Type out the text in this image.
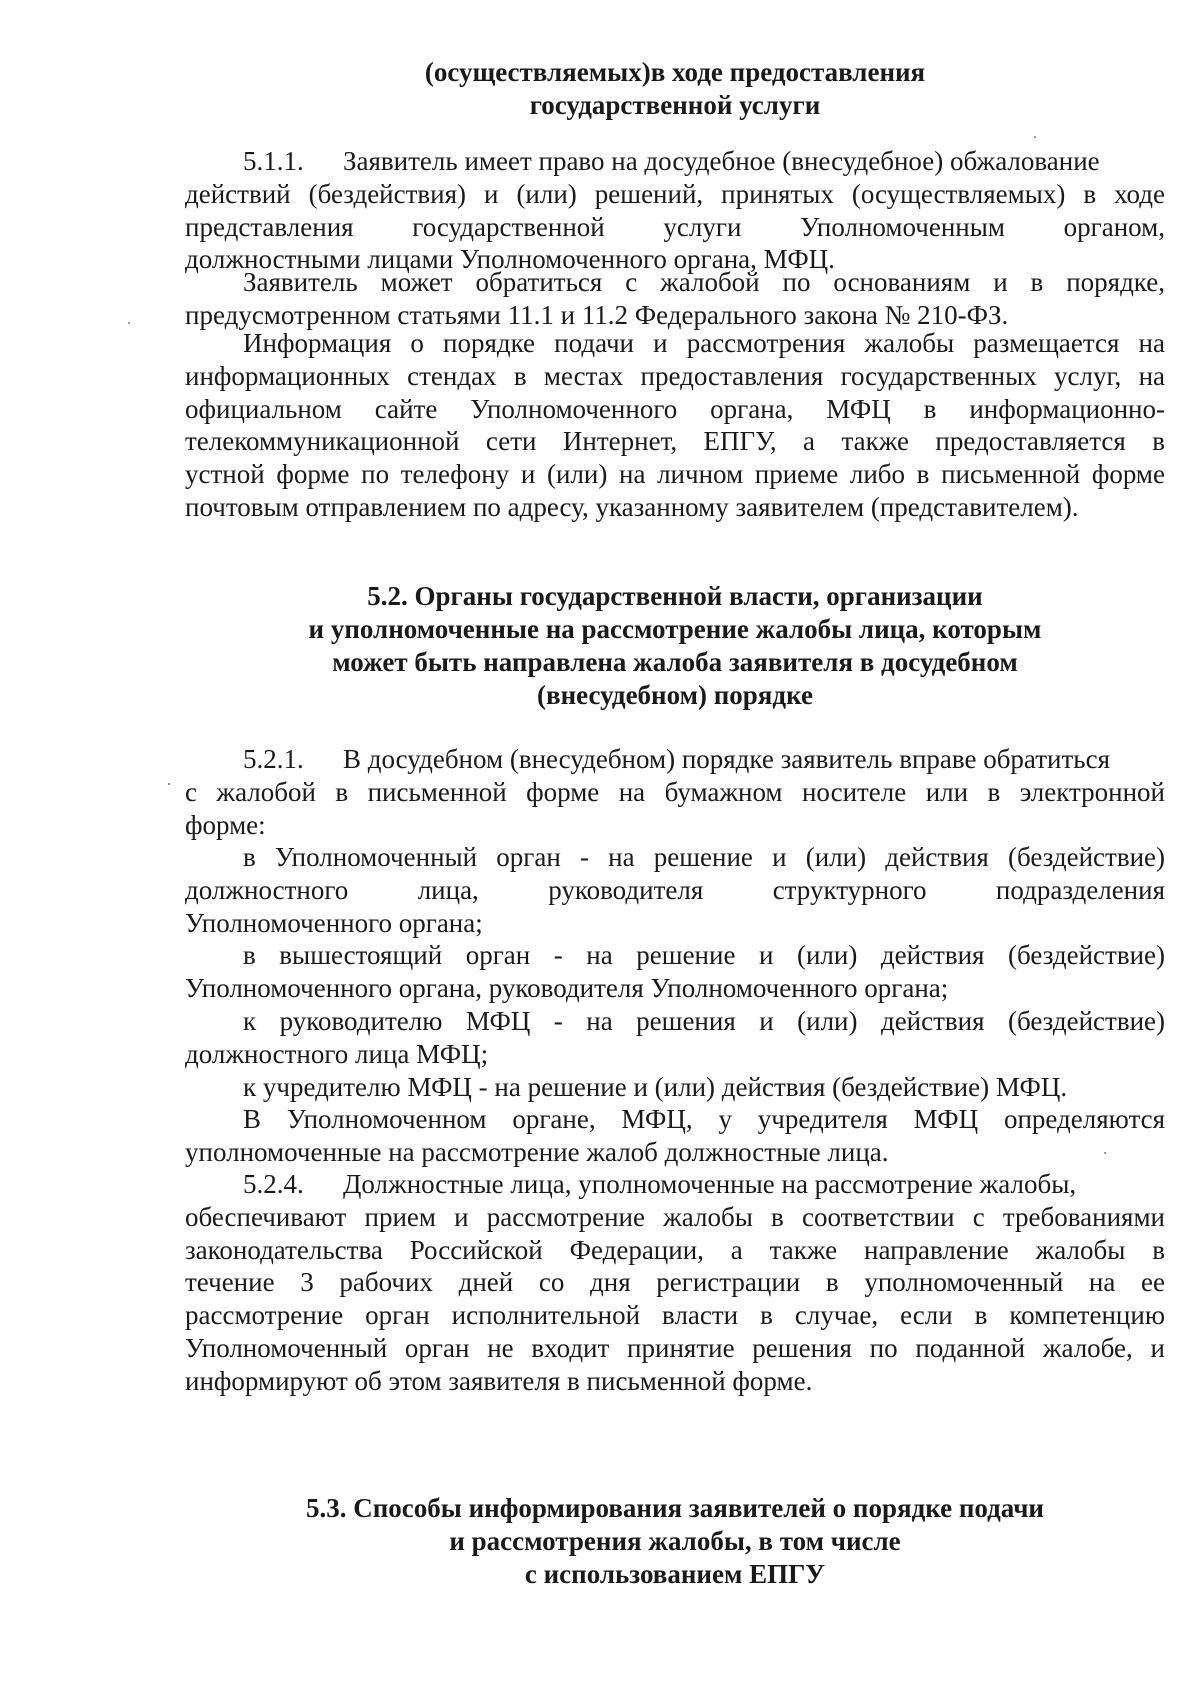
(осуществляемых)в ходе предоставления
государственной услуги
5.1.1. Заявитель имеет право на досудебное (внесудебное) обжалование
действий (бездействия) и (или) решений, принятых (осуществляемых) в ходе
представления государственной услуги Уполномоченным органом,
должностными лицами Уполномоченного органа, МФЦ.
Заявитель может обратиться с жалобой по основаниям и в порядке,
предусмотренном статьями 11.1 и 11.2 Федерального закона № 210-ФЗ.
Информация о порядке подачи и рассмотрения жалобы размещается на
информационных стендах в местах предоставления государственных услуг, на
официальном сайте Уполномоченного органа, МФЦ в информационно-
телекоммуникационной сети Интернет, ЕПГУ, а также предоставляется в
устной форме по телефону и (или) на личном приеме либо в письменной форме
почтовым отправлением по адресу, указанному заявителем (представителем).
5.2. Органы государственной власти, организации
и уполномоченные на рассмотрение жалобы лица, которым
может быть направлена жалоба заявителя в досудебном
(внесудебном) порядке
5.2.1. В досудебном (внесудебном) порядке заявитель вправе обратиться
с жалобой в письменной форме на бумажном носителе или в электронной
форме:
в Уполномоченный орган - на решение и (или) действия (бездействие)
должностного лица, руководителя структурного подразделения
Уполномоченного органа;
в вышестоящий орган - на решение и (или) действия (бездействие)
Уполномоченного органа, руководителя Уполномоченного органа;
к руководителю МФЦ - на решения и (или) действия (бездействие)
должностного лица МФЦ;
к учредителю МФЦ - на решение и (или) действия (бездействие) МФЦ.
В Уполномоченном органе, МФЦ, у учредителя МФЦ определяются
уполномоченные на рассмотрение жалоб должностные лица.
5.2.4. Должностные лица, уполномоченные на рассмотрение жалобы,
обеспечивают прием и рассмотрение жалобы в соответствии с требованиями
законодательства Российской Федерации, а также направление жалобы в
течение 3 рабочих дней со дня регистрации в уполномоченный на ее
рассмотрение орган исполнительной власти в случае, если в компетенцию
Уполномоченный орган не входит принятие решения по поданной жалобе, и
информируют об этом заявителя в письменной форме.
5.3. Способы информирования заявителей о порядке подачи
и рассмотрения жалобы, в том числе
с использованием ЕПГУ
